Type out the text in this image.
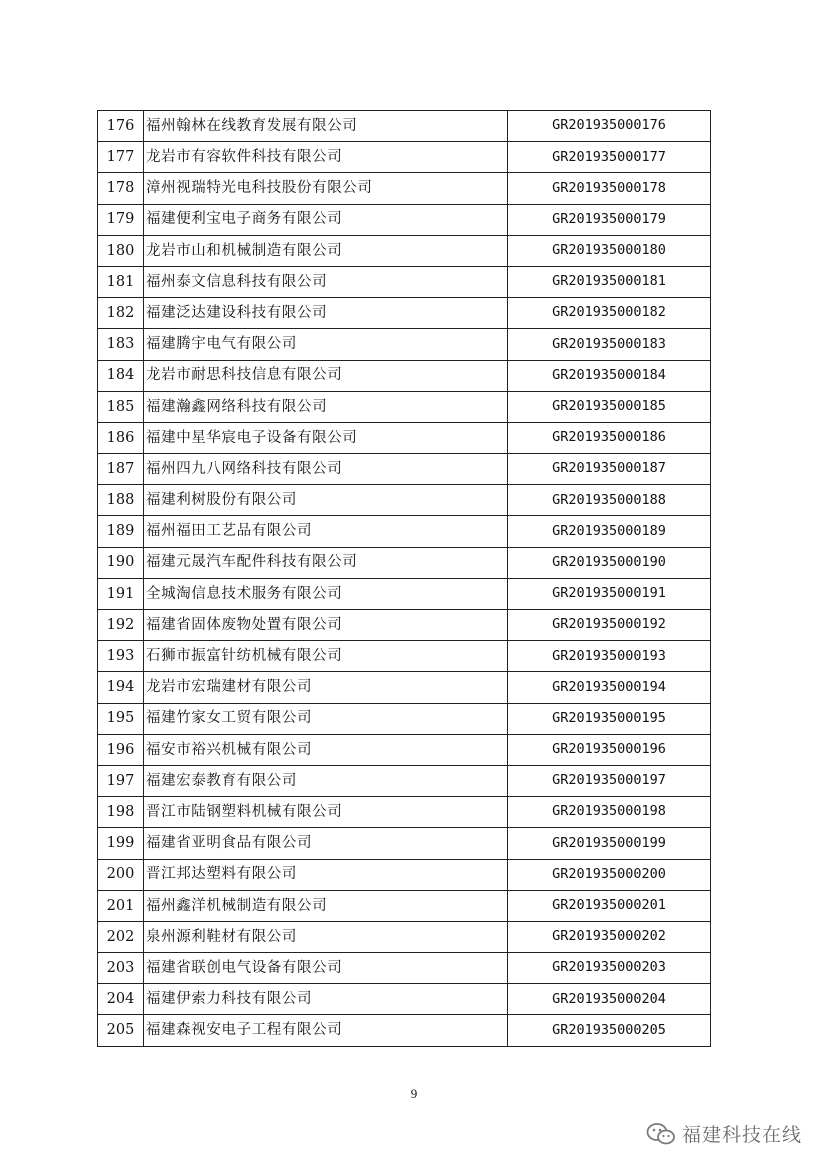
176	福州翰林在线教育发展有限公司	GR201935000176
177	龙岩市有容软件科技有限公司	GR201935000177
178	漳州视瑞特光电科技股份有限公司	GR201935000178
179	福建便利宝电子商务有限公司	GR201935000179
180	龙岩市山和机械制造有限公司	GR201935000180
181	福州泰文信息科技有限公司	GR201935000181
182	福建泛达建设科技有限公司	GR201935000182
183	福建腾宇电气有限公司	GR201935000183
184	龙岩市耐思科技信息有限公司	GR201935000184
185	福建瀚鑫网络科技有限公司	GR201935000185
186	福建中星华宸电子设备有限公司	GR201935000186
187	福州四九八网络科技有限公司	GR201935000187
188	福建利树股份有限公司	GR201935000188
189	福州福田工艺品有限公司	GR201935000189
190	福建元晟汽车配件科技有限公司	GR201935000190
191	全城淘信息技术服务有限公司	GR201935000191
192	福建省固体废物处置有限公司	GR201935000192
193	石狮市振富针纺机械有限公司	GR201935000193
194	龙岩市宏瑞建材有限公司	GR201935000194
195	福建竹家女工贸有限公司	GR201935000195
196	福安市裕兴机械有限公司	GR201935000196
197	福建宏泰教育有限公司	GR201935000197
198	晋江市陆钢塑料机械有限公司	GR201935000198
199	福建省亚明食品有限公司	GR201935000199
200	晋江邦达塑料有限公司	GR201935000200
201	福州鑫洋机械制造有限公司	GR201935000201
202	泉州源利鞋材有限公司	GR201935000202
203	福建省联创电气设备有限公司	GR201935000203
204	福建伊索力科技有限公司	GR201935000204
205	福建森视安电子工程有限公司	GR201935000205
9
福建科技在线
